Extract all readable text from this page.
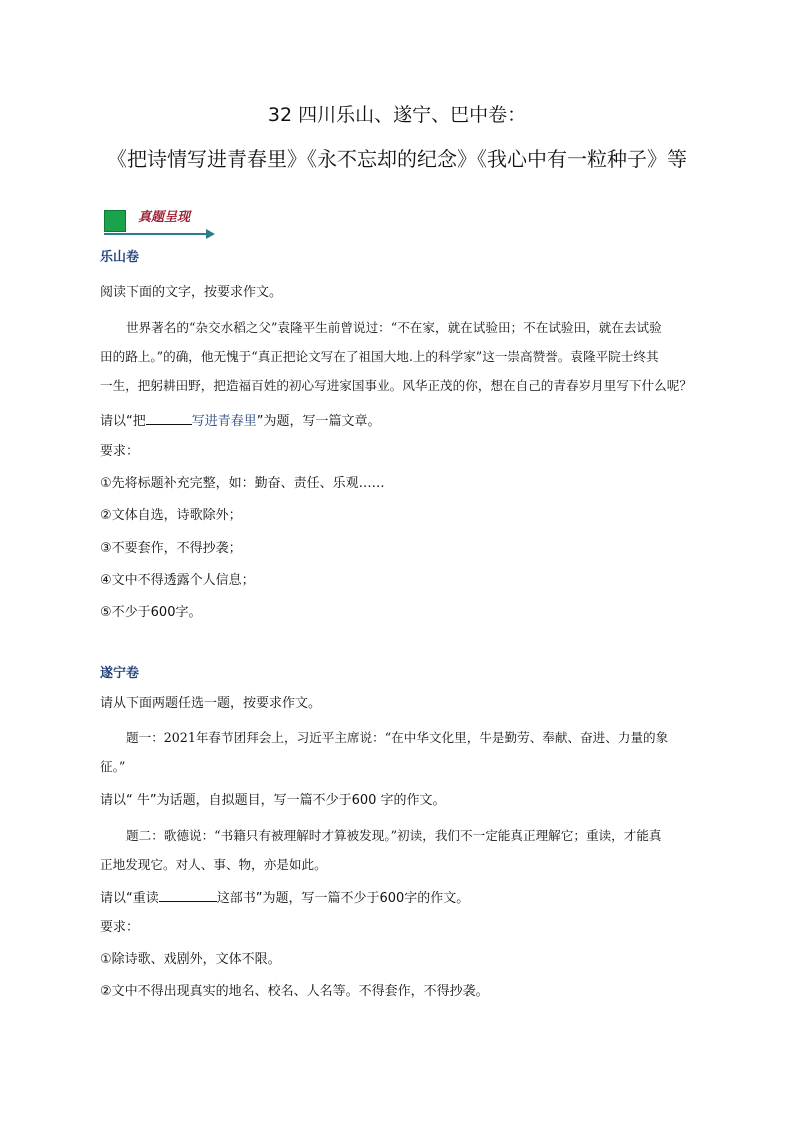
32 四川乐山、遂宁、巴中卷：
《把诗情写进青春里》《永不忘却的纪念》《我心中有一粒种子》等
真题呈现
乐山卷
阅读下面的文字，按要求作文。
世界著名的“杂交水稻之父”袁隆平生前曾说过：“不在家，就在试验田；不在试验田，就在去试验
田的路上。”的确，他无愧于“真正把论文写在了祖国大地.上的科学家”这一崇高赞誉。袁隆平院士终其
一生，把躬耕田野，把造福百姓的初心写进家国事业。风华正茂的你，想在自己的青春岁月里写下什么呢？
请以“把	写进青春里”为题，写一篇文章。
要求：
①先将标题补充完整，如：勤奋、责任、乐观……
②文体自选，诗歌除外；
③不要套作，不得抄袭；
④文中不得透露个人信息；
⑤不少于600字。
遂宁卷
请从下面两题任选一题，按要求作文。
题一：2021年春节团拜会上，习近平主席说：“在中华文化里，牛是勤劳、奉献、奋进、力量的象
征。”
请以“ 牛”为话题，自拟题目，写一篇不少于600 字的作文。
题二：歌德说：“书籍只有被理解时才算被发现。”初读，我们不一定能真正理解它；重读，才能真
正地发现它。对人、事、物，亦是如此。
请以“重读	这部书”为题，写一篇不少于600字的作文。
要求：
①除诗歌、戏剧外，文体不限。
②文中不得出现真实的地名、校名、人名等。不得套作，不得抄袭。
